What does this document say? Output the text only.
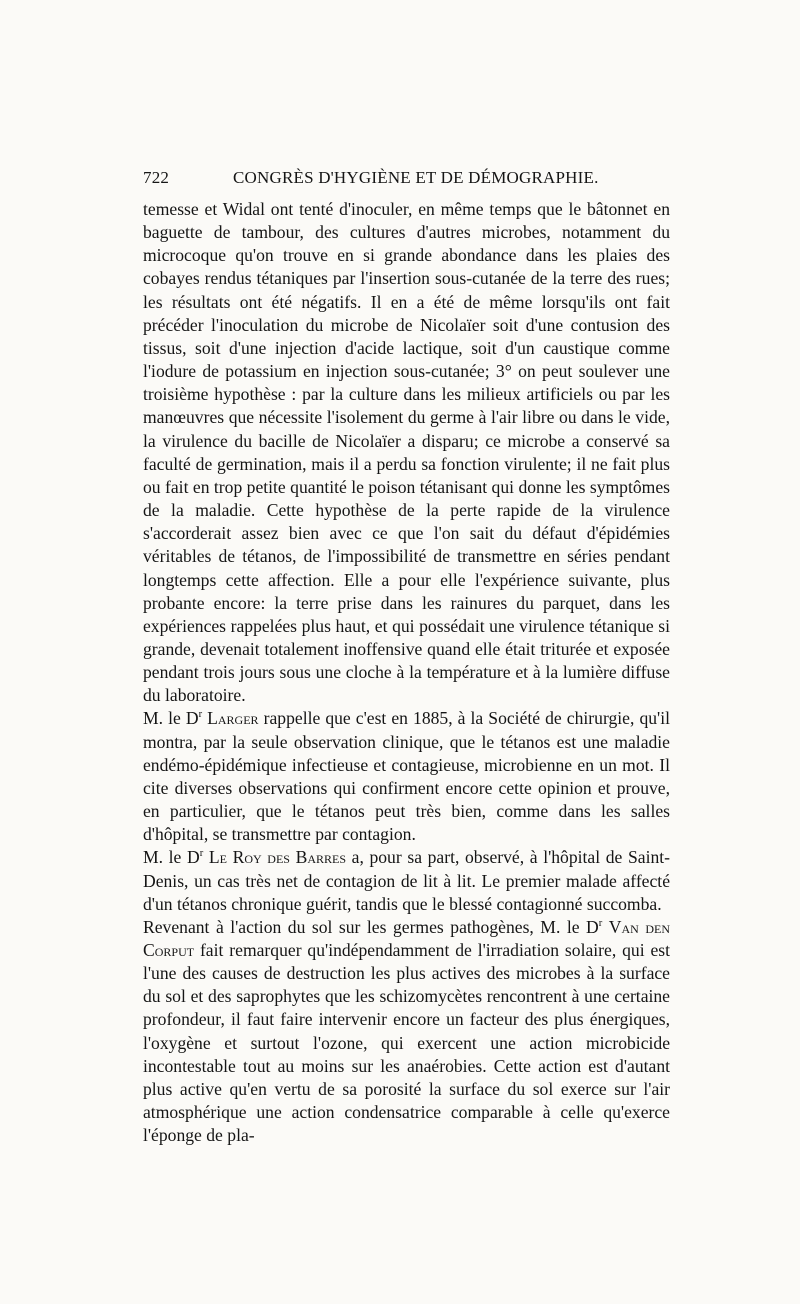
722	CONGRÈS D'HYGIÈNE ET DE DÉMOGRAPHIE.

temesse et Widal ont tenté d'inoculer, en même temps que le bâtonnet en baguette de tambour, des cultures d'autres microbes, notamment du microcoque qu'on trouve en si grande abondance dans les plaies des cobayes rendus tétaniques par l'insertion sous-cutanée de la terre des rues; les résultats ont été négatifs. Il en a été de même lorsqu'ils ont fait précéder l'inoculation du microbe de Nicolaïer soit d'une contusion des tissus, soit d'une injection d'acide lactique, soit d'un caustique comme l'iodure de potassium en injection sous-cutanée; 3° on peut soulever une troisième hypothèse : par la culture dans les milieux artificiels ou par les manœuvres que nécessite l'isolement du germe à l'air libre ou dans le vide, la virulence du bacille de Nicolaïer a disparu; ce microbe a conservé sa faculté de germination, mais il a perdu sa fonction virulente; il ne fait plus ou fait en trop petite quantité le poison tétanisant qui donne les symptômes de la maladie. Cette hypothèse de la perte rapide de la virulence s'accorderait assez bien avec ce que l'on sait du défaut d'épidémies véritables de tétanos, de l'impossibilité de transmettre en séries pendant longtemps cette affection. Elle a pour elle l'expérience suivante, plus probante encore: la terre prise dans les rainures du parquet, dans les expériences rappelées plus haut, et qui possédait une virulence tétanique si grande, devenait totalement inoffensive quand elle était triturée et exposée pendant trois jours sous une cloche à la température et à la lumière diffuse du laboratoire.

M. le $D^r$ Larger rappelle que c'est en 1885, à la Société de chirurgie, qu'il montra, par la seule observation clinique, que le tétanos est une maladie endémo-épidémique infectieuse et contagieuse, microbienne en un mot. Il cite diverses observations qui confirment encore cette opinion et prouve, en particulier, que le tétanos peut très bien, comme dans les salles d'hôpital, se transmettre par contagion.

M. le $D^r$ Le Roy des Barres a, pour sa part, observé, à l'hôpital de Saint-Denis, un cas très net de contagion de lit à lit. Le premier malade affecté d'un tétanos chronique guérit, tandis que le blessé contagionné succomba.

Revenant à l'action du sol sur les germes pathogènes, M. le $D^r$ Van den Corput fait remarquer qu'indépendamment de l'irradiation solaire, qui est l'une des causes de destruction les plus actives des microbes à la surface du sol et des saprophytes que les schizomycètes rencontrent à une certaine profondeur, il faut faire intervenir encore un facteur des plus énergiques, l'oxygène et surtout l'ozone, qui exercent une action microbicide incontestable tout au moins sur les anaérobies. Cette action est d'autant plus active qu'en vertu de sa porosité la surface du sol exerce sur l'air atmosphérique une action condensatrice comparable à celle qu'exerce l'éponge de pla-
